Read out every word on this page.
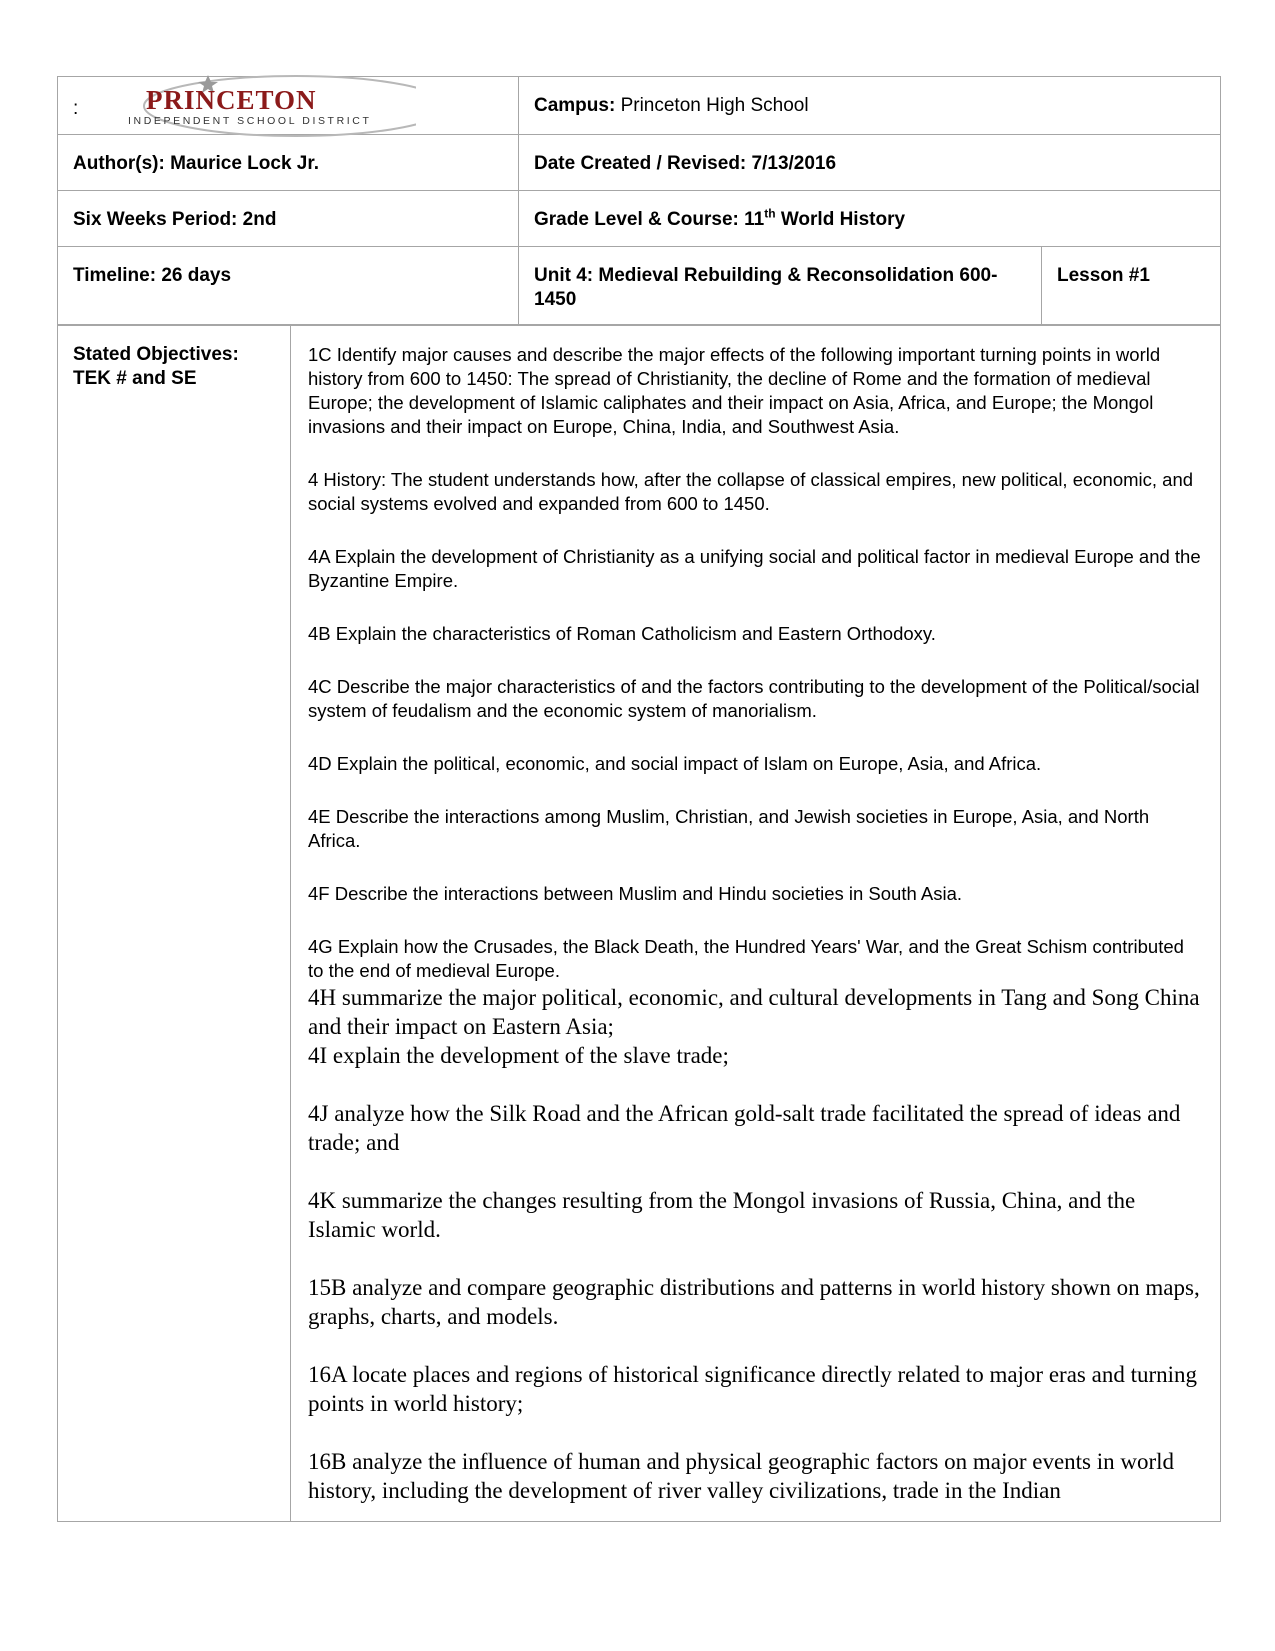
: PRINCETON
INDEPENDENT SCHOOL DISTRICT	Campus: Princeton High School	
Author(s): Maurice Lock Jr.	Date Created / Revised: 7/13/2016	
Six Weeks Period: 2nd	Grade Level & Course: 11th World History	
Timeline: 26 days	Unit 4: Medieval Rebuilding & Reconsolidation 600-1450	Lesson #1
Stated Objectives:
TEK # and SE

1C Identify major causes and describe the major effects of the following important turning points in world history from 600 to 1450: The spread of Christianity, the decline of Rome and the formation of medieval Europe; the development of Islamic caliphates and their impact on Asia, Africa, and Europe; the Mongol invasions and their impact on Europe, China, India, and Southwest Asia.

4 History: The student understands how, after the collapse of classical empires, new political, economic, and social systems evolved and expanded from 600 to 1450.

4A Explain the development of Christianity as a unifying social and political factor in medieval Europe and the Byzantine Empire.

4B Explain the characteristics of Roman Catholicism and Eastern Orthodoxy.

4C Describe the major characteristics of and the factors contributing to the development of the Political/social system of feudalism and the economic system of manorialism.

4D Explain the political, economic, and social impact of Islam on Europe, Asia, and Africa.

4E Describe the interactions among Muslim, Christian, and Jewish societies in Europe, Asia, and North Africa.

4F Describe the interactions between Muslim and Hindu societies in South Asia.

4G Explain how the Crusades, the Black Death, the Hundred Years' War, and the Great Schism contributed to the end of medieval Europe.

4H summarize the major political, economic, and cultural developments in Tang and Song China and their impact on Eastern Asia;

4I explain the development of the slave trade;

4J analyze how the Silk Road and the African gold-salt trade facilitated the spread of ideas and trade; and

4K summarize the changes resulting from the Mongol invasions of Russia, China, and the Islamic world.

15B analyze and compare geographic distributions and patterns in world history shown on maps, graphs, charts, and models.

16A locate places and regions of historical significance directly related to major eras and turning points in world history;

16B analyze the influence of human and physical geographic factors on major events in world history, including the development of river valley civilizations, trade in the Indian
